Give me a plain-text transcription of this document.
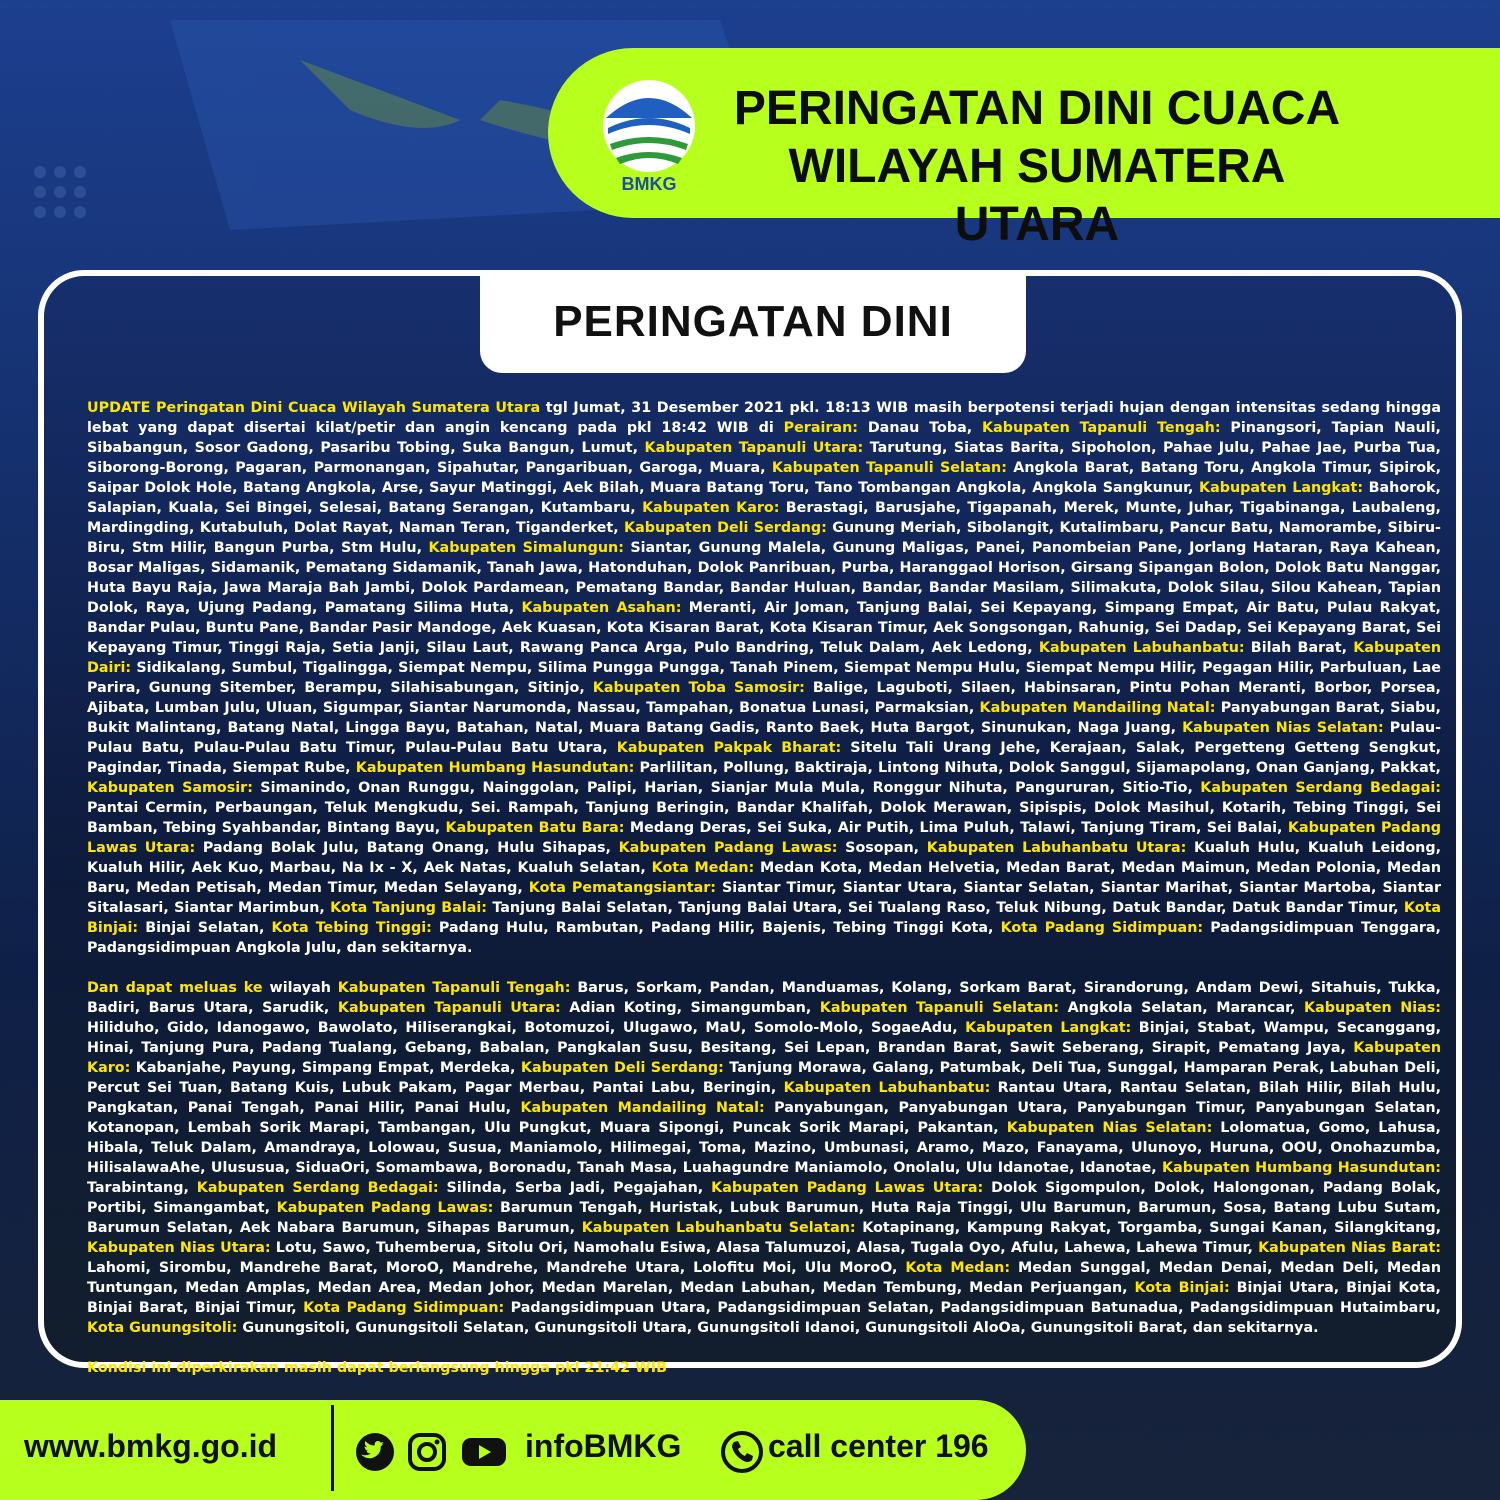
BMKG
PERINGATAN DINI CUACA
WILAYAH SUMATERA UTARA
PERINGATAN DINI

UPDATE Peringatan Dini Cuaca Wilayah Sumatera Utara tgl Jumat, 31 Desember 2021 pkl. 18:13 WIB masih berpotensi terjadi hujan dengan intensitas sedang hingga lebat yang dapat disertai kilat/petir dan angin kencang pada pkl 18:42 WIB di Perairan: Danau Toba, Kabupaten Tapanuli Tengah: Pinangsori, Tapian Nauli, Sibabangun, Sosor Gadong, Pasaribu Tobing, Suka Bangun, Lumut, Kabupaten Tapanuli Utara: Tarutung, Siatas Barita, Sipoholon, Pahae Julu, Pahae Jae, Purba Tua, Siborong-Borong, Pagaran, Parmonangan, Sipahutar, Pangaribuan, Garoga, Muara, Kabupaten Tapanuli Selatan: Angkola Barat, Batang Toru, Angkola Timur, Sipirok, Saipar Dolok Hole, Batang Angkola, Arse, Sayur Matinggi, Aek Bilah, Muara Batang Toru, Tano Tombangan Angkola, Angkola Sangkunur, Kabupaten Langkat: Bahorok, Salapian, Kuala, Sei Bingei, Selesai, Batang Serangan, Kutambaru, Kabupaten Karo: Berastagi, Barusjahe, Tigapanah, Merek, Munte, Juhar, Tigabinanga, Laubaleng, Mardingding, Kutabuluh, Dolat Rayat, Naman Teran, Tiganderket, Kabupaten Deli Serdang: Gunung Meriah, Sibolangit, Kutalimbaru, Pancur Batu, Namorambe, Sibiru-Biru, Stm Hilir, Bangun Purba, Stm Hulu, Kabupaten Simalungun: Siantar, Gunung Malela, Gunung Maligas, Panei, Panombeian Pane, Jorlang Hataran, Raya Kahean, Bosar Maligas, Sidamanik, Pematang Sidamanik, Tanah Jawa, Hatonduhan, Dolok Panribuan, Purba, Haranggaol Horison, Girsang Sipangan Bolon, Dolok Batu Nanggar, Huta Bayu Raja, Jawa Maraja Bah Jambi, Dolok Pardamean, Pematang Bandar, Bandar Huluan, Bandar, Bandar Masilam, Silimakuta, Dolok Silau, Silou Kahean, Tapian Dolok, Raya, Ujung Padang, Pamatang Silima Huta, Kabupaten Asahan: Meranti, Air Joman, Tanjung Balai, Sei Kepayang, Simpang Empat, Air Batu, Pulau Rakyat, Bandar Pulau, Buntu Pane, Bandar Pasir Mandoge, Aek Kuasan, Kota Kisaran Barat, Kota Kisaran Timur, Aek Songsongan, Rahunig, Sei Dadap, Sei Kepayang Barat, Sei Kepayang Timur, Tinggi Raja, Setia Janji, Silau Laut, Rawang Panca Arga, Pulo Bandring, Teluk Dalam, Aek Ledong, Kabupaten Labuhanbatu: Bilah Barat, Kabupaten Dairi: Sidikalang, Sumbul, Tigalingga, Siempat Nempu, Silima Pungga Pungga, Tanah Pinem, Siempat Nempu Hulu, Siempat Nempu Hilir, Pegagan Hilir, Parbuluan, Lae Parira, Gunung Sitember, Berampu, Silahisabungan, Sitinjo, Kabupaten Toba Samosir: Balige, Laguboti, Silaen, Habinsaran, Pintu Pohan Meranti, Borbor, Porsea, Ajibata, Lumban Julu, Uluan, Sigumpar, Siantar Narumonda, Nassau, Tampahan, Bonatua Lunasi, Parmaksian, Kabupaten Mandailing Natal: Panyabungan Barat, Siabu, Bukit Malintang, Batang Natal, Lingga Bayu, Batahan, Natal, Muara Batang Gadis, Ranto Baek, Huta Bargot, Sinunukan, Naga Juang, Kabupaten Nias Selatan: Pulau-Pulau Batu, Pulau-Pulau Batu Timur, Pulau-Pulau Batu Utara, Kabupaten Pakpak Bharat: Sitelu Tali Urang Jehe, Kerajaan, Salak, Pergetteng Getteng Sengkut, Pagindar, Tinada, Siempat Rube, Kabupaten Humbang Hasundutan: Parlilitan, Pollung, Baktiraja, Lintong Nihuta, Dolok Sanggul, Sijamapolang, Onan Ganjang, Pakkat, Kabupaten Samosir: Simanindo, Onan Runggu, Nainggolan, Palipi, Harian, Sianjar Mula Mula, Ronggur Nihuta, Pangururan, Sitio-Tio, Kabupaten Serdang Bedagai: Pantai Cermin, Perbaungan, Teluk Mengkudu, Sei. Rampah, Tanjung Beringin, Bandar Khalifah, Dolok Merawan, Sipispis, Dolok Masihul, Kotarih, Tebing Tinggi, Sei Bamban, Tebing Syahbandar, Bintang Bayu, Kabupaten Batu Bara: Medang Deras, Sei Suka, Air Putih, Lima Puluh, Talawi, Tanjung Tiram, Sei Balai, Kabupaten Padang Lawas Utara: Padang Bolak Julu, Batang Onang, Hulu Sihapas, Kabupaten Padang Lawas: Sosopan, Kabupaten Labuhanbatu Utara: Kualuh Hulu, Kualuh Leidong, Kualuh Hilir, Aek Kuo, Marbau, Na Ix - X, Aek Natas, Kualuh Selatan, Kota Medan: Medan Kota, Medan Helvetia, Medan Barat, Medan Maimun, Medan Polonia, Medan Baru, Medan Petisah, Medan Timur, Medan Selayang, Kota Pematangsiantar: Siantar Timur, Siantar Utara, Siantar Selatan, Siantar Marihat, Siantar Martoba, Siantar Sitalasari, Siantar Marimbun, Kota Tanjung Balai: Tanjung Balai Selatan, Tanjung Balai Utara, Sei Tualang Raso, Teluk Nibung, Datuk Bandar, Datuk Bandar Timur, Kota Binjai: Binjai Selatan, Kota Tebing Tinggi: Padang Hulu, Rambutan, Padang Hilir, Bajenis, Tebing Tinggi Kota, Kota Padang Sidimpuan: Padangsidimpuan Tenggara, Padangsidimpuan Angkola Julu, dan sekitarnya.

Dan dapat meluas ke wilayah Kabupaten Tapanuli Tengah: Barus, Sorkam, Pandan, Manduamas, Kolang, Sorkam Barat, Sirandorung, Andam Dewi, Sitahuis, Tukka, Badiri, Barus Utara, Sarudik, Kabupaten Tapanuli Utara: Adian Koting, Simangumban, Kabupaten Tapanuli Selatan: Angkola Selatan, Marancar, Kabupaten Nias: Hiliduho, Gido, Idanogawo, Bawolato, Hiliserangkai, Botomuzoi, Ulugawo, MaU, Somolo-Molo, SogaeAdu, Kabupaten Langkat: Binjai, Stabat, Wampu, Secanggang, Hinai, Tanjung Pura, Padang Tualang, Gebang, Babalan, Pangkalan Susu, Besitang, Sei Lepan, Brandan Barat, Sawit Seberang, Sirapit, Pematang Jaya, Kabupaten Karo: Kabanjahe, Payung, Simpang Empat, Merdeka, Kabupaten Deli Serdang: Tanjung Morawa, Galang, Patumbak, Deli Tua, Sunggal, Hamparan Perak, Labuhan Deli, Percut Sei Tuan, Batang Kuis, Lubuk Pakam, Pagar Merbau, Pantai Labu, Beringin, Kabupaten Labuhanbatu: Rantau Utara, Rantau Selatan, Bilah Hilir, Bilah Hulu, Pangkatan, Panai Tengah, Panai Hilir, Panai Hulu, Kabupaten Mandailing Natal: Panyabungan, Panyabungan Utara, Panyabungan Timur, Panyabungan Selatan, Kotanopan, Lembah Sorik Marapi, Tambangan, Ulu Pungkut, Muara Sipongi, Puncak Sorik Marapi, Pakantan, Kabupaten Nias Selatan: Lolomatua, Gomo, Lahusa, Hibala, Teluk Dalam, Amandraya, Lolowau, Susua, Maniamolo, Hilimegai, Toma, Mazino, Umbunasi, Aramo, Mazo, Fanayama, Ulunoyo, Huruna, OOU, Onohazumba, HilisalawaAhe, Ulususua, SiduaOri, Somambawa, Boronadu, Tanah Masa, Luahagundre Maniamolo, Onolalu, Ulu Idanotae, Idanotae, Kabupaten Humbang Hasundutan: Tarabintang, Kabupaten Serdang Bedagai: Silinda, Serba Jadi, Pegajahan, Kabupaten Padang Lawas Utara: Dolok Sigompulon, Dolok, Halongonan, Padang Bolak, Portibi, Simangambat, Kabupaten Padang Lawas: Barumun Tengah, Huristak, Lubuk Barumun, Huta Raja Tinggi, Ulu Barumun, Barumun, Sosa, Batang Lubu Sutam, Barumun Selatan, Aek Nabara Barumun, Sihapas Barumun, Kabupaten Labuhanbatu Selatan: Kotapinang, Kampung Rakyat, Torgamba, Sungai Kanan, Silangkitang, Kabupaten Nias Utara: Lotu, Sawo, Tuhemberua, Sitolu Ori, Namohalu Esiwa, Alasa Talumuzoi, Alasa, Tugala Oyo, Afulu, Lahewa, Lahewa Timur, Kabupaten Nias Barat: Lahomi, Sirombu, Mandrehe Barat, MoroO, Mandrehe, Mandrehe Utara, Lolofitu Moi, Ulu MoroO, Kota Medan: Medan Sunggal, Medan Denai, Medan Deli, Medan Tuntungan, Medan Amplas, Medan Area, Medan Johor, Medan Marelan, Medan Labuhan, Medan Tembung, Medan Perjuangan, Kota Binjai: Binjai Utara, Binjai Kota, Binjai Barat, Binjai Timur, Kota Padang Sidimpuan: Padangsidimpuan Utara, Padangsidimpuan Selatan, Padangsidimpuan Batunadua, Padangsidimpuan Hutaimbaru, Kota Gunungsitoli: Gunungsitoli, Gunungsitoli Selatan, Gunungsitoli Utara, Gunungsitoli Idanoi, Gunungsitoli AloOa, Gunungsitoli Barat, dan sekitarnya.

Kondisi ini diperkirakan masih dapat berlangsung hingga pkl 21:42 WIB

www.bmkg.go.id	infoBMKG	call center 196
